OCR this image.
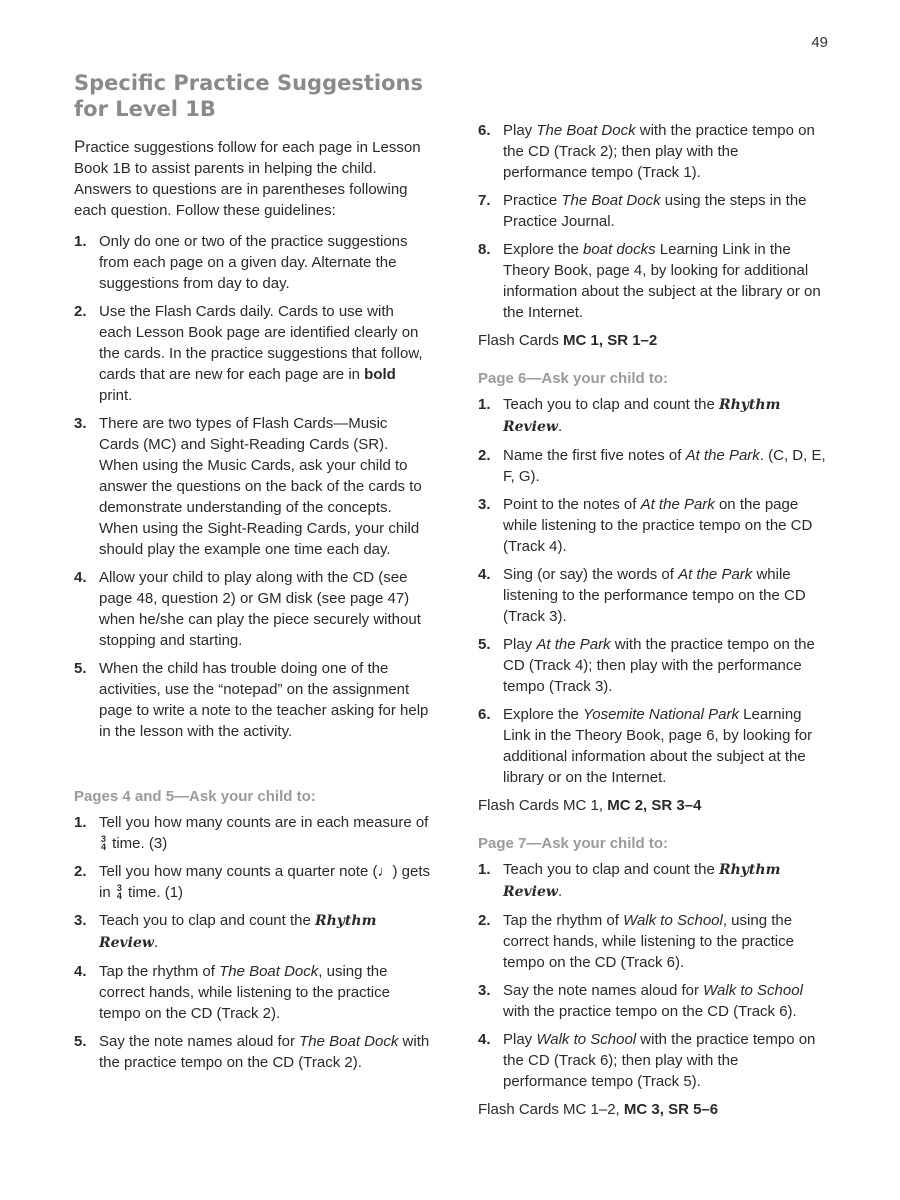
49
Specific Practice Suggestions
for Level 1B

Practice suggestions follow for each page in Lesson Book 1B to assist parents in helping the child. Answers to questions are in parentheses following each question. Follow these guidelines:

1. Only do one or two of the practice suggestions from each page on a given day. Alternate the suggestions from day to day.
2. Use the Flash Cards daily. Cards to use with each Lesson Book page are identified clearly on the cards. In the practice suggestions that follow, cards that are new for each page are in bold print.
3. There are two types of Flash Cards—Music Cards (MC) and Sight-Reading Cards (SR). When using the Music Cards, ask your child to answer the questions on the back of the cards to demonstrate understanding of the concepts. When using the Sight-Reading Cards, your child should play the example one time each day.
4. Allow your child to play along with the CD (see page 48, question 2) or GM disk (see page 47) when he/she can play the piece securely without stopping and starting.
5. When the child has trouble doing one of the activities, use the “notepad” on the assignment page to write a note to the teacher asking for help in the lesson with the activity.
Pages 4 and 5—Ask your child to:
1. Tell you how many counts are in each measure of 3
4 time. (3)
2. Tell you how many counts a quarter note (♩) gets in 3
4 time. (1)
3. Teach you to clap and count the Rhythm Review.
4. Tap the rhythm of The Boat Dock, using the correct hands, while listening to the practice tempo on the CD (Track 2).
5. Say the note names aloud for The Boat Dock with the practice tempo on the CD (Track 2).
6. Play The Boat Dock with the practice tempo on the CD (Track 2); then play with the performance tempo (Track 1).
7. Practice The Boat Dock using the steps in the Practice Journal.
8. Explore the boat docks Learning Link in the Theory Book, page 4, by looking for additional information about the subject at the library or on the Internet.

Flash Cards MC 1, SR 1–2

Page 6—Ask your child to:
1. Teach you to clap and count the Rhythm Review.
2. Name the first five notes of At the Park. (C, D, E, F, G).
3. Point to the notes of At the Park on the page while listening to the practice tempo on the CD (Track 4).
4. Sing (or say) the words of At the Park while listening to the performance tempo on the CD (Track 3).
5. Play At the Park with the practice tempo on the CD (Track 4); then play with the performance tempo (Track 3).
6. Explore the Yosemite National Park Learning Link in the Theory Book, page 6, by looking for additional information about the subject at the library or on the Internet.

Flash Cards MC 1, MC 2, SR 3–4

Page 7—Ask your child to:
1. Teach you to clap and count the Rhythm Review.
2. Tap the rhythm of Walk to School, using the correct hands, while listening to the practice tempo on the CD (Track 6).
3. Say the note names aloud for Walk to School with the practice tempo on the CD (Track 6).
4. Play Walk to School with the practice tempo on the CD (Track 6); then play with the performance tempo (Track 5).

Flash Cards MC 1–2, MC 3, SR 5–6
